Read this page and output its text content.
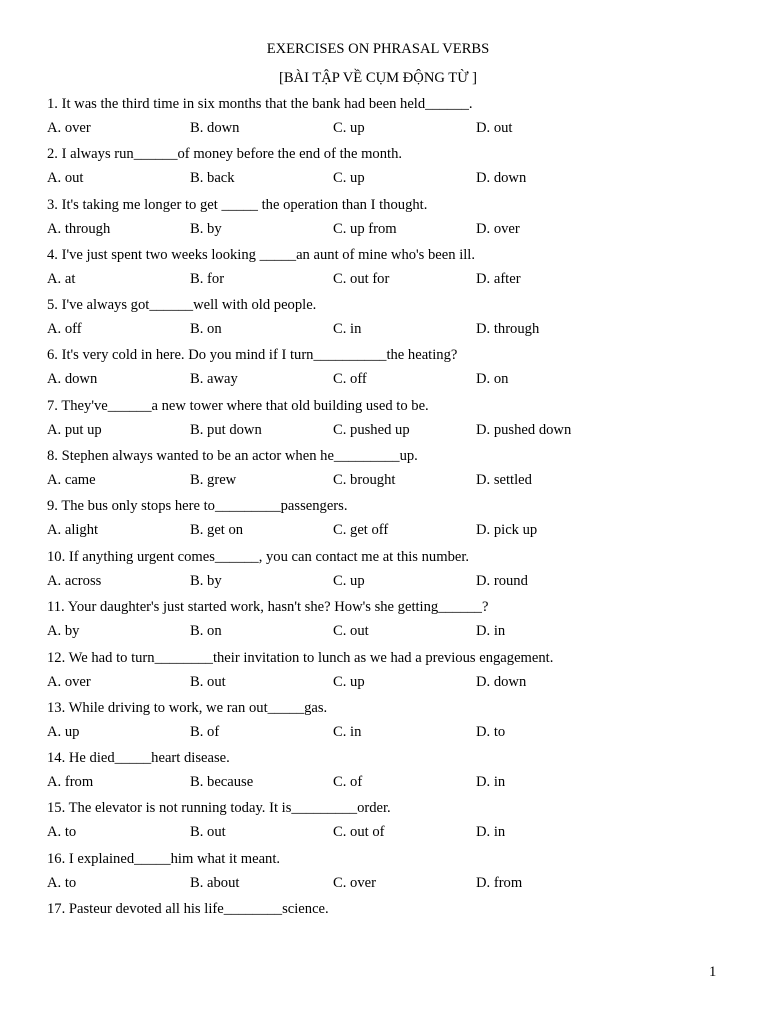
EXERCISES ON PHRASAL VERBS
[BÀI TẬP VỀ CỤM ĐỘNG TỪ ]
1. It was the third time in six months that the bank had been held______.
A. over	B. down	C. up	D. out
2. I always run______of money before the end of the month.
A. out	B. back	C. up	D. down
3. It's taking me longer to get _____ the operation than I thought.
A. through	B. by	C. up from	D. over
4. I've just spent two weeks looking _____an aunt of mine who's been ill.
A. at	B. for	C. out for	D. after
5. I've always got______well with old people.
A. off	B. on	C. in	D. through
6. It's very cold in here. Do you mind if I turn__________the heating?
A. down	B. away	C. off	D. on
7. They've______a new tower where that old building used to be.
A. put up	B. put down	C. pushed up	D. pushed down
8. Stephen always wanted to be an actor when he_________up.
A. came	B. grew	C. brought	D. settled
9. The bus only stops here to_________passengers.
A. alight	B. get on	C. get off	D. pick up
10. If anything urgent comes______, you can contact me at this number.
A. across	B. by	C. up	D. round
11. Your daughter's just started work, hasn't she? How's she getting______?
A. by	B. on	C. out	D. in
12. We had to turn________their invitation to lunch as we had a previous engagement.
A. over	B. out	C. up	D. down
13. While driving to work, we ran out_____gas.
A. up	B. of	C. in	D. to
14. He died_____heart disease.
A. from	B. because	C. of	D. in
15. The elevator is not running today. It is_________order.
A. to	B. out	C. out of	D. in
16. I explained_____him what it meant.
A. to	B. about	C. over	D. from
17. Pasteur devoted all his life________science.
1
